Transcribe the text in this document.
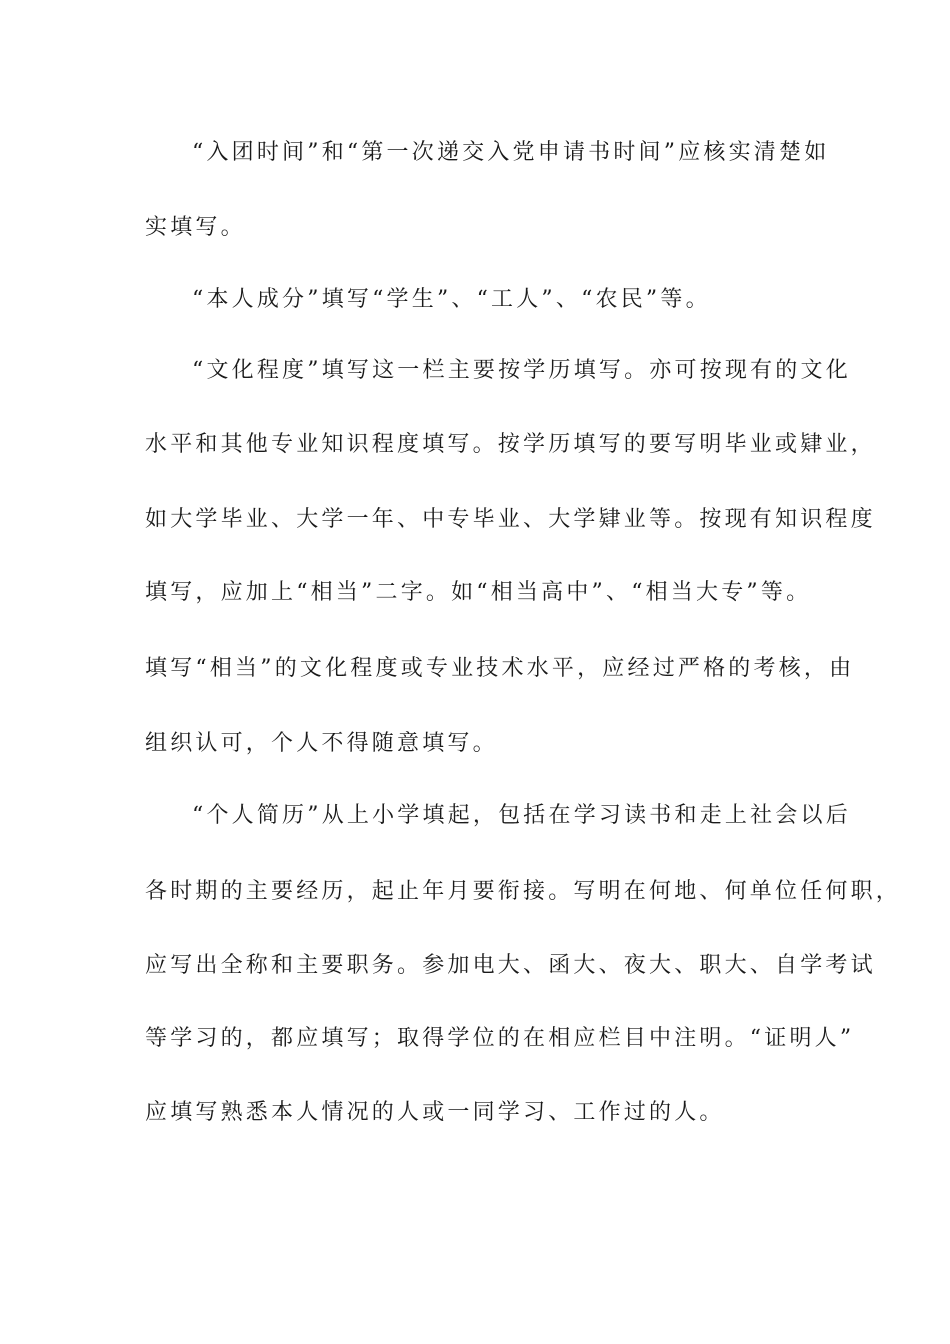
“入团时间”和“第一次递交入党申请书时间”应核实清楚如
实填写。
“本人成分”填写“学生”、“工人”、“农民”等。
“文化程度”填写这一栏主要按学历填写。亦可按现有的文化
水平和其他专业知识程度填写。按学历填写的要写明毕业或肄业，
如大学毕业、大学一年、中专毕业、大学肄业等。按现有知识程度
填写，应加上“相当”二字。如“相当高中”、“相当大专”等。
填写“相当”的文化程度或专业技术水平，应经过严格的考核，由
组织认可，个人不得随意填写。
“个人简历”从上小学填起，包括在学习读书和走上社会以后
各时期的主要经历，起止年月要衔接。写明在何地、何单位任何职，
应写出全称和主要职务。参加电大、函大、夜大、职大、自学考试
等学习的，都应填写；取得学位的在相应栏目中注明。“证明人”
应填写熟悉本人情况的人或一同学习、工作过的人。
